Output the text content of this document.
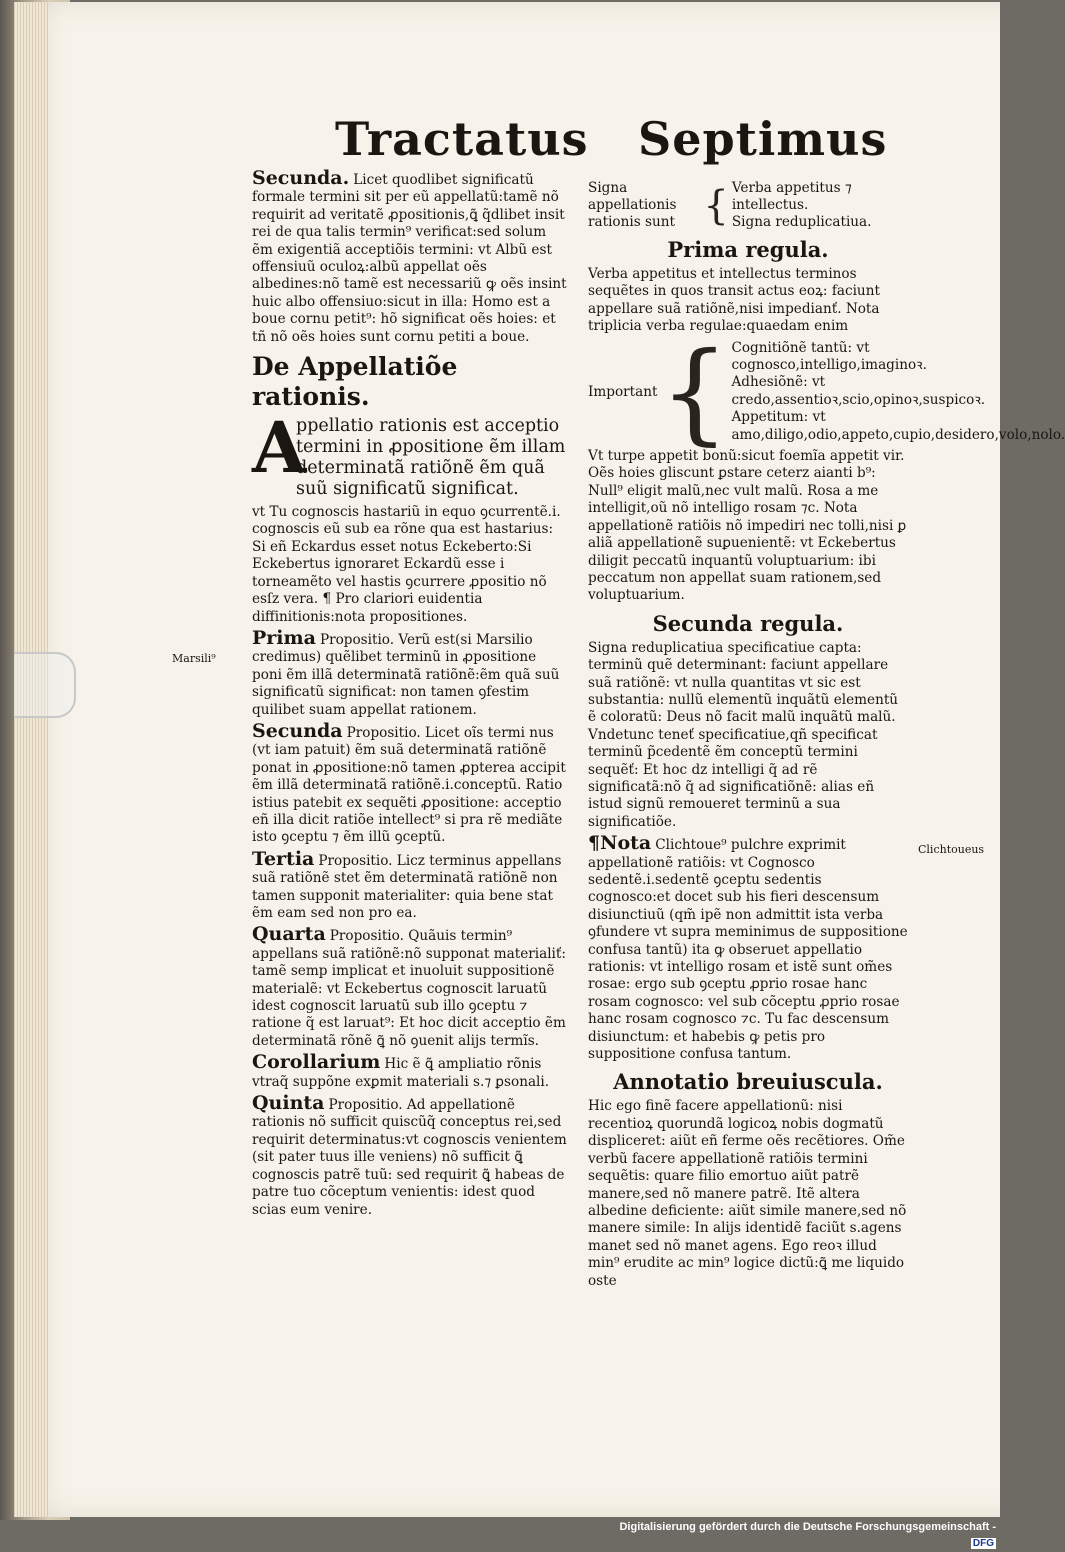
Tractatus Septimus
Secunda. Licet quodlibet significatũ formale termini sit per eũ appellatũ:tamẽ nõ requirit ad veritatẽ ꝓpositionis,ꝗ̃ q̃dlibet insit rei de qua talis termin⁹ verificat:sed solum ẽm exigentiã acceptiõis termini: vt Albũ est offensiuũ oculoꝝ:albũ appellat oẽs albedines:nõ tamẽ est necessariũ ꝙ oẽs insint huic albo offensiuo:sicut in illa: Homo est a boue cornu petit⁹: hõ significat oẽs hoies: et tñ nõ oẽs hoies sunt cornu petiti a boue.
De Appellatiõe rationis.
A
ppellatio rationis est acceptio termini in ꝓpositione ẽm illam determinatã ratiõnẽ ẽm quã suũ significatũ significat.
vt Tu cognoscis hastariũ in equo ꝯcurrentẽ.i. cognoscis eũ sub ea rõne qua est hastarius: Si eñ Eckardus esset notus Eckeberto:Si Eckebertus ignoraret Eckardũ esse i torneamẽto vel hastis ꝯcurrere ꝓpositio nõ esſz vera. ¶ Pro clariori euidentia diffinitionis:nota propositiones.
Prima Propositio. Verũ est(si Marsilio credimus) quẽlibet terminũ in ꝓpositione poni ẽm illã determinatã ratiõnẽ:ẽm quã suũ significatũ significat: non tamen ꝯfestim quilibet suam appellat rationem.
Secunda Propositio. Licet oĩs termi nus (vt iam patuit) ẽm suã determinatã ratiõnẽ ponat in ꝓpositione:nõ tamen ꝓpterea accipit ẽm illã determinatã ratiõnẽ.i.conceptũ. Ratio istius patebit ex sequẽti ꝓpositione: acceptio eñ illa dicit ratiõe intellect⁹ si pra rẽ mediãte isto ꝯceptu ⁊ ẽm illũ ꝯceptũ.
Tertia Propositio. Licz terminus appellans suã ratiõnẽ stet ẽm determinatã ratiõnẽ non tamen supponit materialiter: quia bene stat ẽm eam sed non pro ea.
Quarta Propositio. Quãuis termin⁹ appellans suã ratiõnẽ:nõ supponat materialiť: tamẽ semp implicat et inuoluit suppositionẽ materialẽ: vt Eckebertus cognoscit laruatũ idest cognoscit laruatũ sub illo ꝯceptu ⁊ ratione q̃ est laruat⁹: Et hoc dicit acceptio ẽm determinatã rõnẽ ꝗ̃ nõ ꝯuenit alijs termĩs.
Corollarium Hic ẽ ꝗ̃ ampliatio rõnis vtraq̃ suppõne exꝑmit materiali s.⁊ ꝑsonali.
Quinta Propositio. Ad appellationẽ rationis nõ sufficit quiscũq̃ conceptus rei,sed requirit determinatus:vt cognoscis venientem (sit pater tuus ille veniens) nõ sufficit ꝗ̃ cognoscis patrẽ tuũ: sed requirit ꝗ̃ habeas de patre tuo cõceptum venientis: idest quod scias eum venire.
Marsili⁹
Clichtoueus
Signa appellationis rationis sunt { Verba appetitus ⁊ intellectus.
Signa reduplicatiua.
Prima regula.
Verba appetitus et intellectus terminos sequẽtes in quos transit actus eoꝝ: faciunt appellare suã ratiõnẽ,nisi impedianť. Nota triplicia verba regulae:quaedam enim
Important { Cognitiõnẽ tantũ: vt cognosco,intelligo,imaginoꝛ.
Adhesiõnẽ: vt credo,assentioꝛ,scio,opinoꝛ,suspicoꝛ.
Appetitum: vt amo,diligo,odio,appeto,cupio,desidero,volo,nolo.
Vt turpe appetit bonũ:sicut foemĩa appetit vir. Oẽs hoies gliscunt ꝑstare ceterz aianti b⁹: Null⁹ eligit malũ,nec vult malũ. Rosa a me intelligit,oũ nõ intelligo rosam ⁊c. Nota appellationẽ ratiõis nõ impediri nec tolli,nisi ꝑ aliã appellationẽ suꝑuenientẽ: vt Eckebertus diligit peccatũ inquantũ voluptuarium: ibi peccatum non appellat suam rationem,sed voluptuarium.
Secunda regula.
Signa reduplicatiua specificatiue capta: terminũ quẽ determinant: faciunt appellare suã ratiõnẽ: vt nulla quantitas vt sic est substantia: nullũ elementũ inquãtũ elementũ ẽ coloratũ: Deus nõ facit malũ inquãtũ malũ. Vndetunc teneť specificatiue,qñ specificat terminũ p̃cedentẽ ẽm conceptũ termini sequẽť: Et hoc dz intelligi q̃ ad rẽ significatã:nõ q̃ ad significatiõnẽ: alias eñ istud signũ remoueret terminũ a sua significatiõe.
¶Nota Clichtoue⁹ pulchre exprimit appellationẽ ratiõis: vt Cognosco sedentẽ.i.sedentẽ ꝯceptu sedentis cognosco:et docet sub his fieri descensum disiunctiuũ (qm̃ ipẽ non admittit ista verba ꝯfundere vt supra meminimus de suppositione confusa tantũ) ita ꝙ obseruet appellatio rationis: vt intelligo rosam et istẽ sunt om̃es rosae: ergo sub ꝯceptu ꝓprio rosae hanc rosam cognosco: vel sub cõceptu ꝓprio rosae hanc rosam cognosco ⁊c. Tu fac descensum disiunctum: et habebis ꝙ petis pro suppositione confusa tantum.
Annotatio breuiuscula.
Hic ego finẽ facere appellationũ: nisi recentioꝝ quorundã logicoꝝ nobis dogmatũ displiceret: aiũt eñ ferme oẽs recẽtiores. Om̃e verbũ facere appellationẽ ratiõis termini sequẽtis: quare filio emortuo aiũt patrẽ manere,sed nõ manere patrẽ. Itẽ altera albedine deficiente: aiũt simile manere,sed nõ manere simile: In alijs identidẽ faciũt s.agens manet sed nõ manet agens. Ego reoꝛ illud min⁹ erudite ac min⁹ logice dictũ:ꝗ̃ me liquido oste
Digitalisierung gefördert durch die Deutsche Forschungsgemeinschaft -DFG
